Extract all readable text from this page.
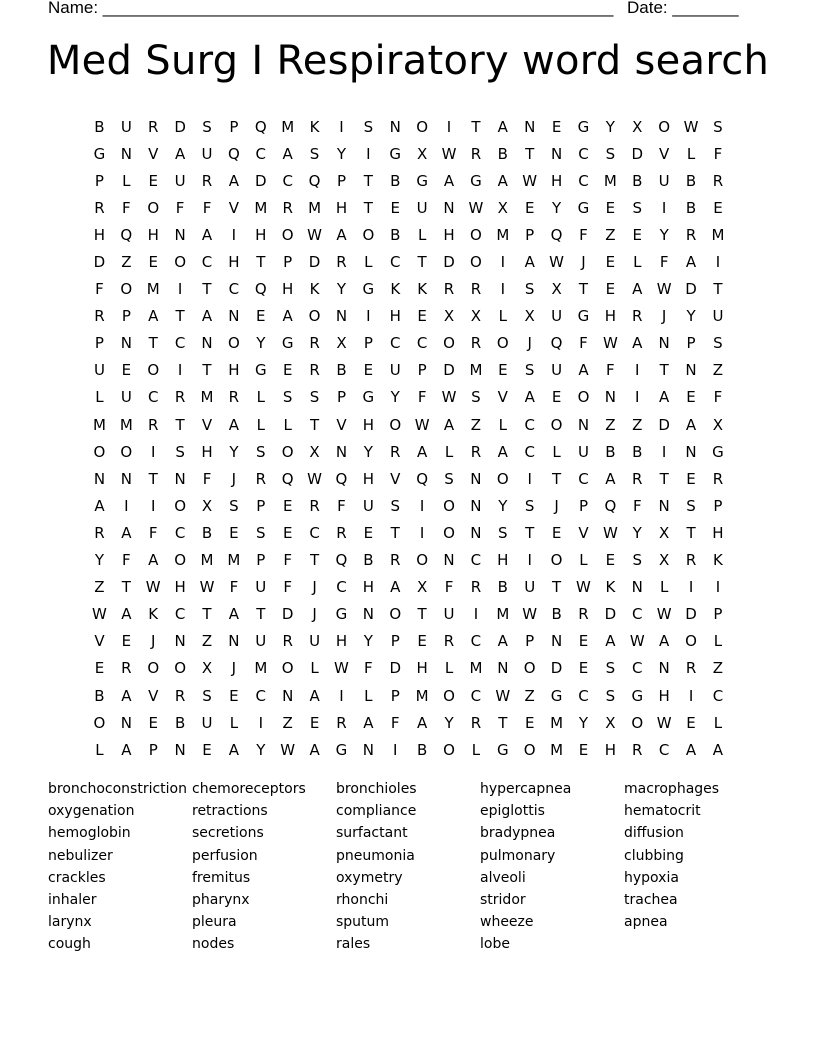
Name: ______________________________________________________ Date: _______
Med Surg I Respiratory word search
B	U	R	D	S	P	Q M	K	I	S	N	O	I	T	A	N	E	G	Y	X	O W S
G	N	V	A	U	Q	C	A	S	Y	I	G	X W R	B	T	N	C	S	D	V	L	F
P	L	E	U	R	A	D	C	Q	P	T	B	G	A	G	A W H	C	M	B	U	B	R
R	F	O	F	F	V	M	R	M H	T	E	U	N W X	E	Y	G	E	S	I	B	E
H	Q	H	N	A	I	H	O W A	O	B	L	H	O M	P	Q	F	Z	E	Y	R	M
D	Z	E	O	C	H	T	P	D	R	L	C	T	D	O	I	A W	J	E	L	F	A	I
F	O M	I	T	C	Q	H	K	Y	G	K	K	R	R	I	S	X	T	E	A W D	T
R	P	A	T	A	N	E	A	O	N	I	H	E	X	X	L	X	U	G	H	R	J	Y	U
P	N	T	C	N	O	Y	G	R	X	P	C	C	O	R	O	J	Q	F	W A	N	P	S
U	E	O	I	T	H	G	E	R	B	E	U	P	D M	E	S	U	A	F	I	T	N	Z
L	U	C	R	M	R	L	S	S	P	G	Y	F	W S	V	A	E	O	N	I	A	E	F
M M	R	T	V	A	L	L	T	V	H	O W A	Z	L	C	O	N	Z	Z	D	A	X
O	O	I	S	H	Y	S	O	X	N	Y	R	A	L	R	A	C	L	U	B	B	I	N	G
N	N	T	N	F	J	R	Q W Q	H	V	Q	S	N	O	I	T	C	A	R	T	E	R
A	I	I	O	X	S	P	E	R	F	U	S	I	O	N	Y	S	J	P	Q	F	N	S	P
R	A	F	C	B	E	S	E	C	R	E	T	I	O	N	S	T	E	V W Y	X	T	H
Y	F	A	O M M	P	F	T	Q	B	R	O	N	C	H	I	O	L	E	S	X	R	K
Z	T W H W	F	U	F	J	C	H	A	X	F	R	B	U	T W K	N	L	I	I
W A	K	C	T	A	T	D	J	G	N	O	T	U	I	M W B	R	D	C W D	P
V	E	J	N	Z	N	U	R	U	H	Y	P	E	R	C	A	P	N	E	A W A	O	L
E	R	O	O	X	J	M O	L	W	F	D	H	L	M N	O	D	E	S	C	N	R	Z
B	A	V	R	S	E	C	N	A	I	L	P	M O	C W Z	G	C	S	G	H	I	C
O	N	E	B	U	L	I	Z	E	R	A	F	A	Y	R	T	E	M	Y	X	O W E	L
L	A	P	N	E	A	Y W A	G	N	I	B	O	L	G	O M	E	H	R	C	A	A
bronchoconstriction chemoreceptors	bronchioles	hypercapnea	macrophages
oxygenation	retractions	compliance	epiglottis	hematocrit
hemoglobin	secretions	surfactant	bradypnea	diffusion
nebulizer	perfusion	pneumonia	pulmonary	clubbing
crackles	fremitus	oxymetry	alveoli	hypoxia
inhaler	pharynx	rhonchi	stridor	trachea
larynx	pleura	sputum	wheeze	apnea
cough	nodes	rales	lobe
